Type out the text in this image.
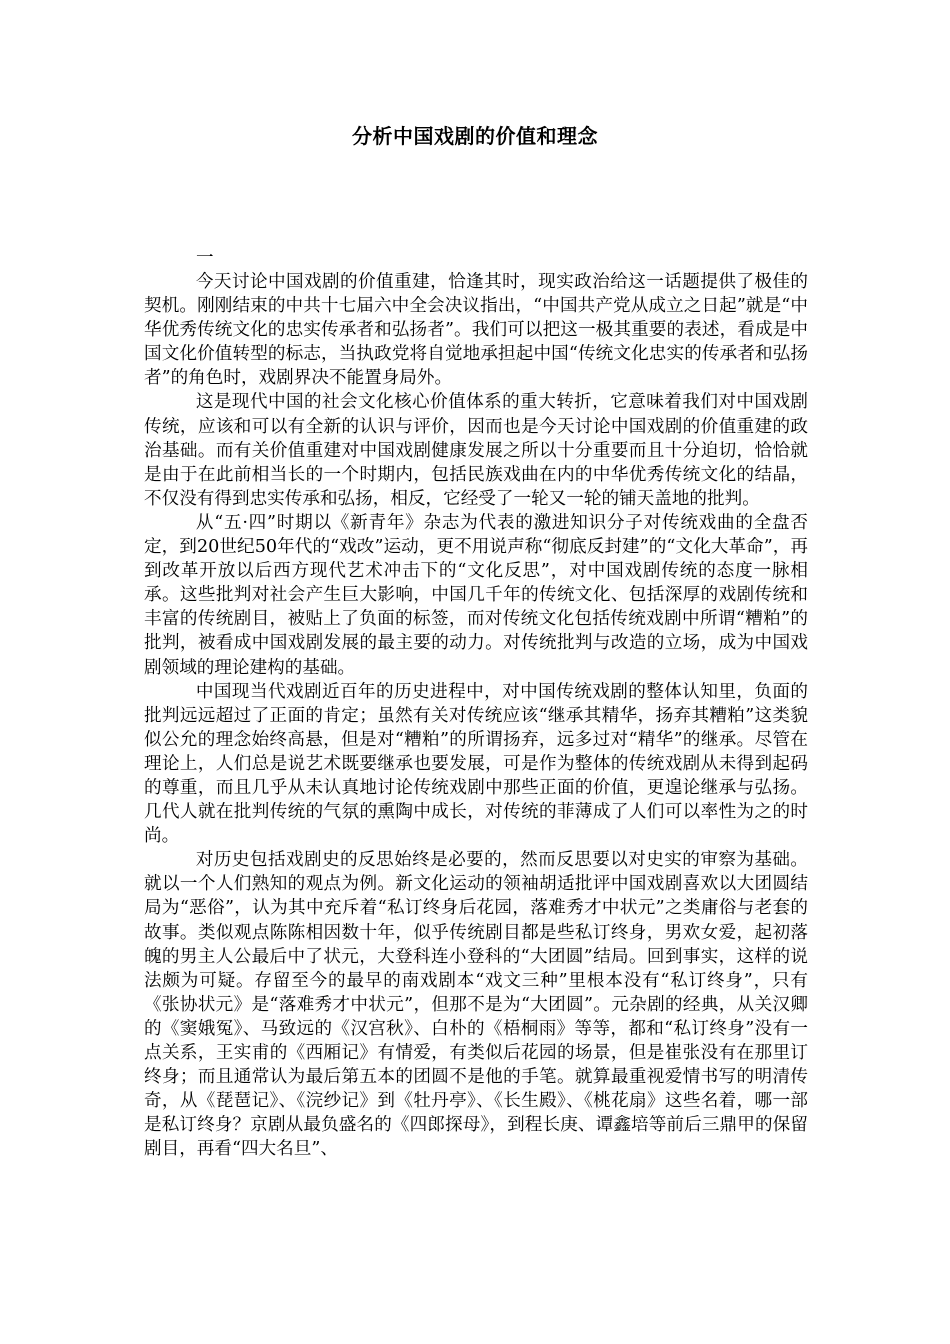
分析中国戏剧的价值和理念

一

今天讨论中国戏剧的价值重建，恰逢其时，现实政治给这一话题提供了极佳的契机。刚刚结束的中共十七届六中全会决议指出，“中国共产党从成立之日起”就是“中华优秀传统文化的忠实传承者和弘扬者”。我们可以把这一极其重要的表述，看成是中国文化价值转型的标志，当执政党将自觉地承担起中国“传统文化忠实的传承者和弘扬者”的角色时，戏剧界决不能置身局外。

这是现代中国的社会文化核心价值体系的重大转折，它意味着我们对中国戏剧传统，应该和可以有全新的认识与评价，因而也是今天讨论中国戏剧的价值重建的政治基础。而有关价值重建对中国戏剧健康发展之所以十分重要而且十分迫切，恰恰就是由于在此前相当长的一个时期内，包括民族戏曲在内的中华优秀传统文化的结晶，不仅没有得到忠实传承和弘扬，相反，它经受了一轮又一轮的铺天盖地的批判。

从“五·四”时期以《新青年》杂志为代表的激进知识分子对传统戏曲的全盘否定，到20世纪50年代的“戏改”运动，更不用说声称“彻底反封建”的“文化大革命”，再到改革开放以后西方现代艺术冲击下的“文化反思”，对中国戏剧传统的态度一脉相承。这些批判对社会产生巨大影响，中国几千年的传统文化、包括深厚的戏剧传统和丰富的传统剧目，被贴上了负面的标签，而对传统文化包括传统戏剧中所谓“糟粕”的批判，被看成中国戏剧发展的最主要的动力。对传统批判与改造的立场，成为中国戏剧领域的理论建构的基础。

中国现当代戏剧近百年的历史进程中，对中国传统戏剧的整体认知里，负面的批判远远超过了正面的肯定；虽然有关对传统应该“继承其精华，扬弃其糟粕”这类貌似公允的理念始终高悬，但是对“糟粕”的所谓扬弃，远多过对“精华”的继承。尽管在理论上，人们总是说艺术既要继承也要发展，可是作为整体的传统戏剧从未得到起码的尊重，而且几乎从未认真地讨论传统戏剧中那些正面的价值，更遑论继承与弘扬。几代人就在批判传统的气氛的熏陶中成长，对传统的菲薄成了人们可以率性为之的时尚。

对历史包括戏剧史的反思始终是必要的，然而反思要以对史实的审察为基础。就以一个人们熟知的观点为例。新文化运动的领袖胡适批评中国戏剧喜欢以大团圆结局为“恶俗”，认为其中充斥着“私订终身后花园，落难秀才中状元”之类庸俗与老套的故事。类似观点陈陈相因数十年，似乎传统剧目都是些私订终身，男欢女爱，起初落魄的男主人公最后中了状元，大登科连小登科的“大团圆”结局。回到事实，这样的说法颇为可疑。存留至今的最早的南戏剧本“戏文三种”里根本没有“私订终身”，只有《张协状元》是“落难秀才中状元”，但那不是为“大团圆”。元杂剧的经典，从关汉卿的《窦娥冤》、马致远的《汉宫秋》、白朴的《梧桐雨》等等，都和“私订终身”没有一点关系，王实甫的《西厢记》有情爱，有类似后花园的场景，但是崔张没有在那里订终身；而且通常认为最后第五本的团圆不是他的手笔。就算最重视爱情书写的明清传奇，从《琵琶记》、《浣纱记》到《牡丹亭》、《长生殿》、《桃花扇》这些名着，哪一部是私订终身？京剧从最负盛名的《四郎探母》，到程长庚、谭鑫培等前后三鼎甲的保留剧目，再看“四大名旦”、
